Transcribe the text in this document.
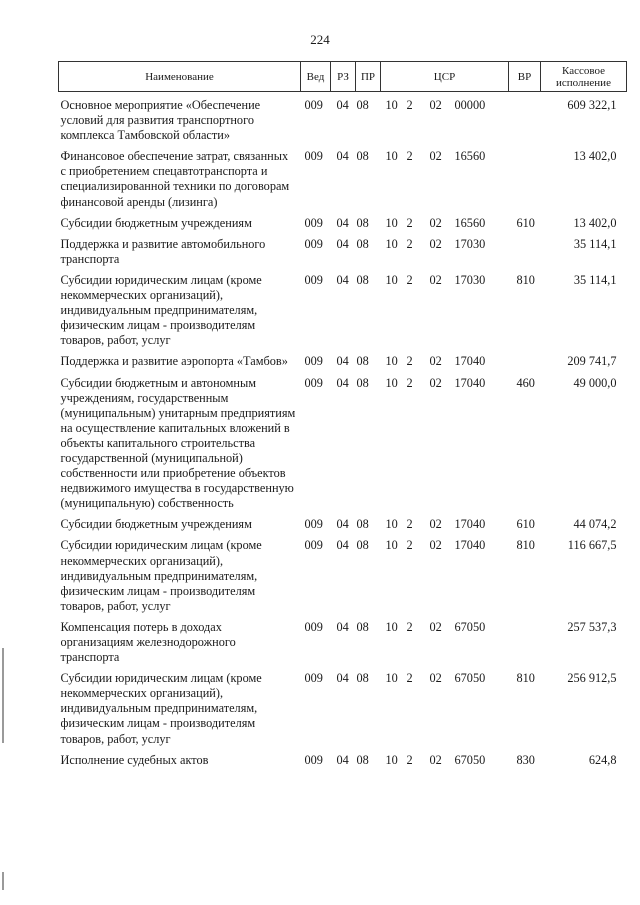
224
Наименование	Вед	РЗ	ПР	ЦСР	ВР	Кассовое
исполнение
Основное мероприятие «Обеспечение условий для развития транспортного комплекса Тамбовской области»	009	04	08	10 2 02 00000		609 322,1
Финансовое обеспечение затрат, связанных с приобретением спецавтотранспорта и специализированной техники по договорам финансовой аренды (лизинга)	009	04	08	10 2 02 16560		13 402,0
Субсидии бюджетным учреждениям	009	04	08	10 2 02 16560	610	13 402,0
Поддержка и развитие автомобильного транспорта	009	04	08	10 2 02 17030		35 114,1
Субсидии юридическим лицам (кроме некоммерческих организаций), индивидуальным предпринимателям, физическим лицам - производителям товаров, работ, услуг	009	04	08	10 2 02 17030	810	35 114,1
Поддержка и развитие аэропорта «Тамбов»	009	04	08	10 2 02 17040		209 741,7
Субсидии бюджетным и автономным учреждениям, государственным (муниципальным) унитарным предприятиям на осуществление капитальных вложений в объекты капитального строительства государственной (муниципальной) собственности или приобретение объектов недвижимого имущества в государственную (муниципальную) собственность	009	04	08	10 2 02 17040	460	49 000,0
Субсидии бюджетным учреждениям	009	04	08	10 2 02 17040	610	44 074,2
Субсидии юридическим лицам (кроме некоммерческих организаций), индивидуальным предпринимателям, физическим лицам - производителям товаров, работ, услуг	009	04	08	10 2 02 17040	810	116 667,5
Компенсация потерь в доходах организациям железнодорожного транспорта	009	04	08	10 2 02 67050		257 537,3
Субсидии юридическим лицам (кроме некоммерческих организаций), индивидуальным предпринимателям, физическим лицам - производителям товаров, работ, услуг	009	04	08	10 2 02 67050	810	256 912,5
Исполнение судебных актов	009	04	08	10 2 02 67050	830	624,8
